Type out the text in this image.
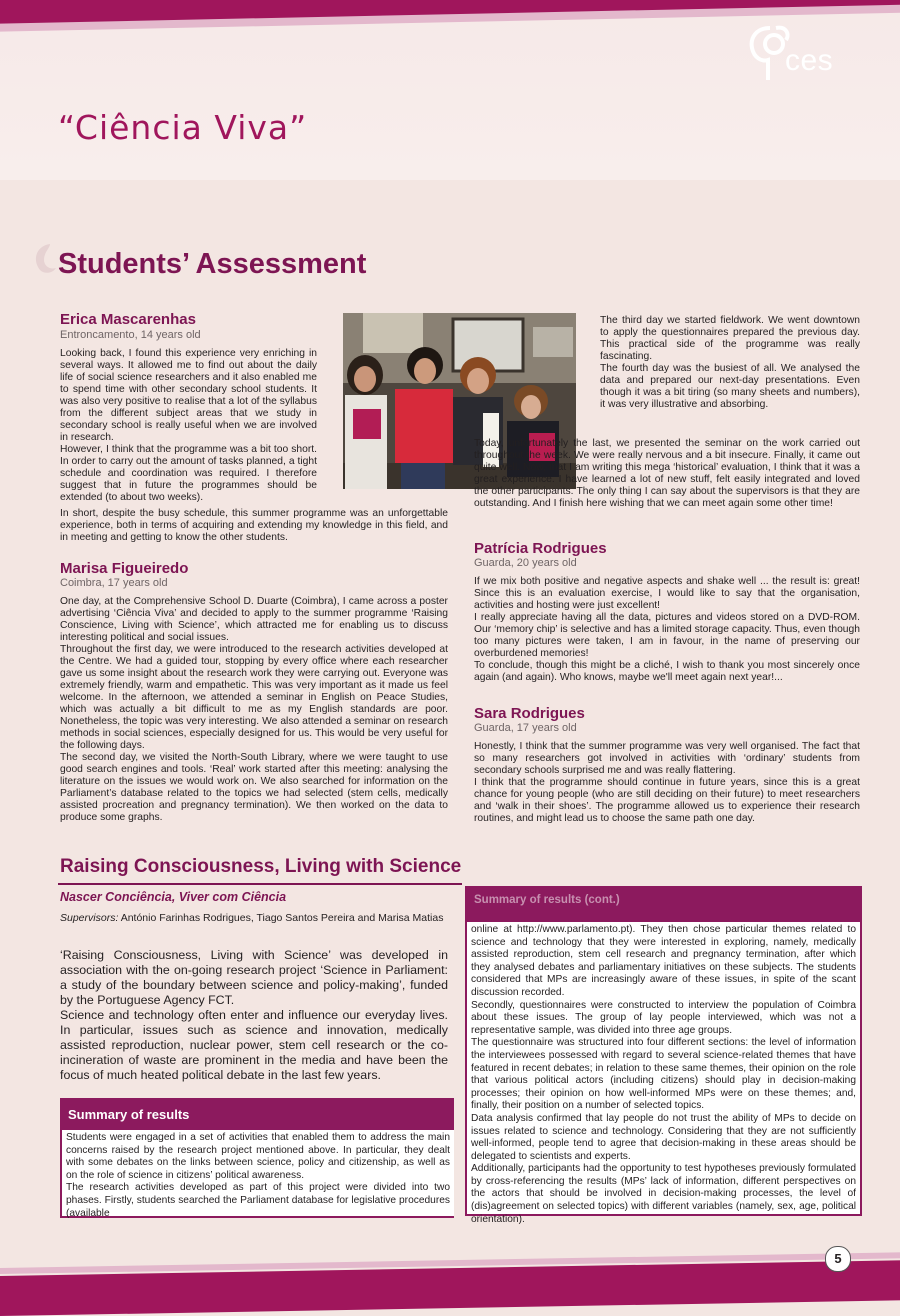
ces
“Ciência Viva”
Students’ Assessment
Erica Mascarenhas
Entroncamento, 14 years old

Looking back, I found this experience very enriching in several ways. It allowed me to find out about the daily life of social science researchers and it also enabled me to spend time with other secondary school students. It was also very positive to realise that a lot of the syllabus from the different subject areas that we study in secondary school is really useful when we are involved in research.

However, I think that the programme was a bit too short. In order to carry out the amount of tasks planned, a tight schedule and coordination was required. I therefore suggest that in future the programmes should be extended (to about two weeks).

In short, despite the busy schedule, this summer programme was an unforgettable experience, both in terms of acquiring and extending my knowledge in this field, and in meeting and getting to know the other students.

The third day we started fieldwork. We went downtown to apply the questionnaires prepared the previous day. This practical side of the programme was really fascinating.

The fourth day was the busiest of all. We analysed the data and prepared our next-day presentations. Even though it was a bit tiring (so many sheets and numbers), it was very illustrative and absorbing.

Today, unfortunately the last, we presented the seminar on the work carried out throughout the week. We were really nervous and a bit insecure. Finally, it came out quite well. Now, that I am writing this mega ‘historical’ evaluation, I think that it was a great experience. I have learned a lot of new stuff, felt easily integrated and loved the other participants. The only thing I can say about the supervisors is that they are outstanding. And I finish here wishing that we can meet again some other time!

Marisa Figueiredo
Coimbra, 17 years old

One day, at the Comprehensive School D. Duarte (Coimbra), I came across a poster advertising ‘Ciência Viva’ and decided to apply to the summer programme ‘Raising Conscience, Living with Science’, which attracted me for enabling us to discuss interesting political and social issues.

Throughout the first day, we were introduced to the research activities developed at the Centre. We had a guided tour, stopping by every office where each researcher gave us some insight about the research work they were carrying out. Everyone was extremely friendly, warm and empathetic. This was very important as it made us feel welcome. In the afternoon, we attended a seminar in English on Peace Studies, which was actually a bit difficult to me as my English standards are poor. Nonetheless, the topic was very interesting. We also attended a seminar on research methods in social sciences, especially designed for us. This would be very useful for the following days.

The second day, we visited the North-South Library, where we were taught to use good search engines and tools. ‘Real’ work started after this meeting: analysing the literature on the issues we would work on. We also searched for information on the Parliament’s database related to the topics we had selected (stem cells, medically assisted procreation and pregnancy termination). We then worked on the data to produce some graphs.

Patrícia Rodrigues
Guarda, 20 years old

If we mix both positive and negative aspects and shake well ... the result is: great! Since this is an evaluation exercise, I would like to say that the organisation, activities and hosting were just excellent!

I really appreciate having all the data, pictures and videos stored on a DVD-ROM. Our ‘memory chip’ is selective and has a limited storage capacity. Thus, even though too many pictures were taken, I am in favour, in the name of preserving our overburdened memories!

To conclude, though this might be a cliché, I wish to thank you most sincerely once again (and again). Who knows, maybe we'll meet again next year!...

Sara Rodrigues
Guarda, 17 years old

Honestly, I think that the summer programme was very well organised. The fact that so many researchers got involved in activities with ‘ordinary’ students from secondary schools surprised me and was really flattering.

I think that the programme should continue in future years, since this is a great chance for young people (who are still deciding on their future) to meet researchers and ‘walk in their shoes’. The programme allowed us to experience their research routines, and might lead us to choose the same path one day.

Raising Consciousness, Living with Science
Nascer Conciência, Viver com Ciência
Supervisors: António Farinhas Rodrigues, Tiago Santos Pereira and Marisa Matias

‘Raising Consciousness, Living with Science’ was developed in association with the on-going research project ‘Science in Parliament: a study of the boundary between science and policy-making’, funded by the Portuguese Agency FCT.

Science and technology often enter and influence our everyday lives. In particular, issues such as science and innovation, medically assisted reproduction, nuclear power, stem cell research or the co-incineration of waste are prominent in the media and have been the focus of much heated political debate in the last few years.

Summary of results

Students were engaged in a set of activities that enabled them to address the main concerns raised by the research project mentioned above. In particular, they dealt with some debates on the links between science, policy and citizenship, as well as on the role of science in citizens’ political awareness.

The research activities developed as part of this project were divided into two phases. Firstly, students searched the Parliament database for legislative procedures (available

Summary of results (cont.)

online at http://www.parlamento.pt). They then chose particular themes related to science and technology that they were interested in exploring, namely, medically assisted reproduction, stem cell research and pregnancy termination, after which they analysed debates and parliamentary initiatives on these subjects. The students considered that MPs are increasingly aware of these issues, in spite of the scant discussion recorded.

Secondly, questionnaires were constructed to interview the population of Coimbra about these issues. The group of lay people interviewed, which was not a representative sample, was divided into three age groups.

The questionnaire was structured into four different sections: the level of information the interviewees possessed with regard to several science-related themes that have featured in recent debates; in relation to these same themes, their opinion on the role that various political actors (including citizens) should play in decision-making processes; their opinion on how well-informed MPs were on these themes; and, finally, their position on a number of selected topics.

Data analysis confirmed that lay people do not trust the ability of MPs to decide on issues related to science and technology. Considering that they are not sufficiently well-informed, people tend to agree that decision-making in these areas should be delegated to scientists and experts.

Additionally, participants had the opportunity to test hypotheses previously formulated by cross-referencing the results (MPs’ lack of information, different perspectives on the actors that should be involved in decision-making processes, the level of (dis)agreement on selected topics) with different variables (namely, sex, age, political orientation).

5
